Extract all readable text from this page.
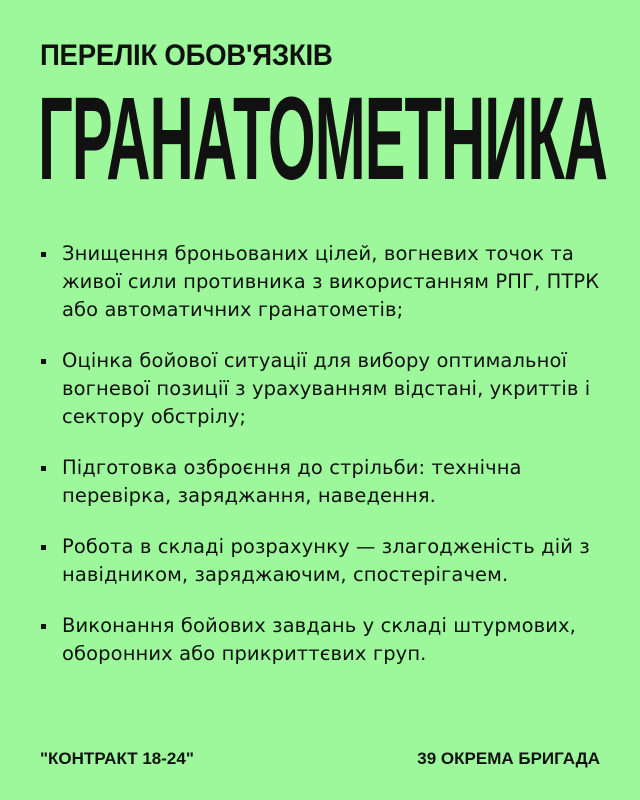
ПЕРЕЛІК ОБОВ'ЯЗКІВ
ГРАНАТОМЕТНИКА
Знищення броньованих цілей, вогневих точок та живої сили противника з використанням РПГ, ПТРК або автоматичних гранатометів;
Оцінка бойової ситуації для вибору оптимальної вогневої позиції з урахуванням відстані, укриттів і сектору обстрілу;
Підготовка озброєння до стрільби: технічна перевірка, заряджання, наведення.
Робота в складі розрахунку — злагодженість дій з навідником, заряджаючим, спостерігачем.
Виконання бойових завдань у складі штурмових, оборонних або прикриттєвих груп.
"КОНТРАКТ 18-24"	39 ОКРЕМА БРИГАДА
